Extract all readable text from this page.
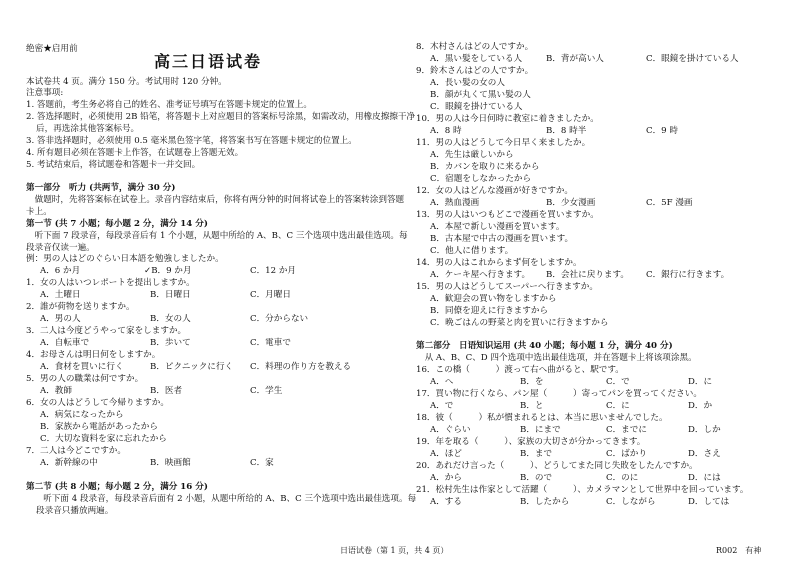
绝密★启用前
高三日语试卷
本试卷共 4 页。满分 150 分。考试用时 120 分钟。
注意事项:
1. 答题前，考生务必将自己的姓名、准考证号填写在答题卡规定的位置上。
2. 答选择题时，必须使用 2B 铅笔，将答题卡上对应题目的答案标号涂黑，如需改动，用橡皮擦擦干净
后，再选涂其他答案标号。
3. 答非选择题时，必须使用 0.5 毫米黑色签字笔，将答案书写在答题卡规定的位置上。
4. 所有题目必须在答题卡上作答，在试题卷上答题无效。
5. 考试结束后，将试题卷和答题卡一并交回。
第一部分　听力 (共两节，满分 30 分)
　做题时，先将答案标在试卷上。录音内容结束后，你将有两分钟的时间将试卷上的答案转涂到答题
卡上。
第一节 (共 7 小题；每小题 2 分，满分 14 分)
　听下面 7 段录音，每段录音后有 1 个小题，从题中所给的 A、B、C 三个选项中选出最佳选项。每
段录音仅读一遍。
例：男の人はどのぐらい日本語を勉強しましたか。
A．6 か月	✓B．9 か月	C．12 か月
1．女の人はいつレポートを提出しますか。
A．土曜日	B．日曜日	C．月曜日
2．誰が荷物を送りますか。
A．男の人	B．女の人	C．分からない
3．二人は今度どうやって家をしますか。
A．自転車で	B．歩いて	C．電車で
4．お母さんは明日何をしますか。
A．食材を買いに行く	B．ピクニックに行く C．料理の作り方を教える
5．男の人の職業は何ですか。
A．教師	B．医者	C．学生
6．女の人はどうして今帰りますか。
A．病気になったから
B．家族から電話があったから
C．大切な資料を家に忘れたから
7．二人は今どこですか。
A．新幹線の中	B．映画館	C．家
第二节 (共 8 小题；每小题 2 分，满分 16 分)
　　听下面 4 段录音，每段录音后面有 2 小题，从题中所给的 A、B、C 三个选项中选出最佳选项。每
段录音只播放两遍。
8．木村さんはどの人ですか。
A．黒い髪をしている人	B．背が高い人	C．眼鏡を掛けている人
9．鈴木さんはどの人ですか。
A．長い髪の女の人
B．顔が丸くて黒い髪の人
C．眼鏡を掛けている人
10．男の人は今日何時に教室に着きましたか。
A．8 時	B．8 時半	C．9 時
11．男の人はどうして今日早く来ましたか。
A．先生は厳しいから
B．カバンを取りに来るから
C．宿題をしなかったから
12．女の人はどんな漫画が好きですか。
A．熱血漫画	B．少女漫画	C．5F 漫画
13．男の人はいつもどこで漫画を買いますか。
A．本屋で新しい漫画を買います。
B．古本屋で中古の漫画を買います。
C．他人に借ります。
14．男の人はこれからまず何をしますか。
A．ケーキ屋へ行きます。 B．会社に戻ります。 C．銀行に行きます。
15．男の人はどうしてスーパーへ行きますか。
A．歓迎会の買い物をしますから
B．同僚を迎えに行きますから
C．晩ごはんの野菜と肉を買いに行きますから
第二部分　日语知识运用 (共 40 小题；每小题 1 分，满分 40 分)
　从 A、B、C、D 四个选项中选出最佳选项，并在答题卡上将该项涂黑。
16．この橋（　　　）渡って右へ曲がると、駅です。
A．へ	B．を	C．で	D．に
17．買い物に行くなら、パン屋（　　　）寄ってパンを買ってください。
A．で	B．と	C．に	D．か
18．彼（　　　）私が慣まれるとは、本当に思いませんでした。
A．ぐらい	B．にまで	C．までに	D．しか
19．年を取る（　　　）、家族の大切さが分かってきます。
A．ほど	B．まで	C．ばかり	D．さえ
20．あれだけ言った（　　　）、どうしてまた同じ失敗をしたんですか。
A．から	B．ので	C．のに	D．には
21．松村先生は作家として活躍（　　　）、カメラマンとして世界中を回っています。
A．する	B．したから	C．しながら	D．しては
日语试卷（第 1 页，共 4 页）	R002　有神
